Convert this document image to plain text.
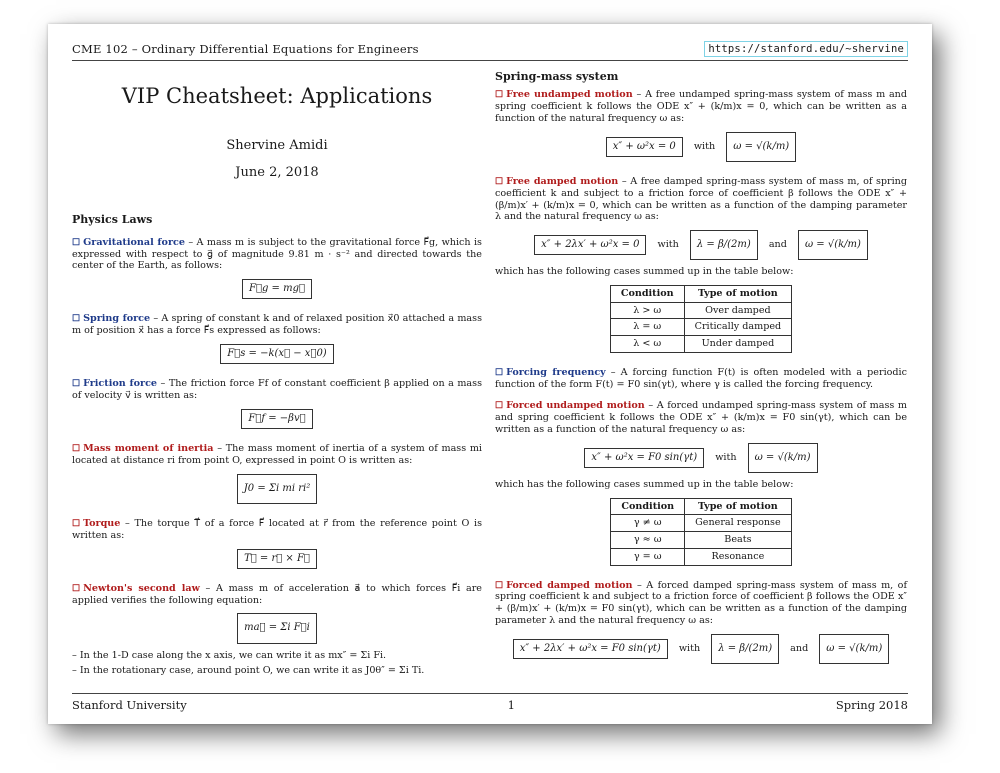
CME 102 – Ordinary Differential Equations for Engineers	https://stanford.edu/~shervine
VIP Cheatsheet: Applications
Shervine Amidi
June 2, 2018
Physics Laws

☐ Gravitational force – A mass m is subject to the gravitational force F⃗g, which is expressed with respect to g⃗ of magnitude 9.81 m · s⁻² and directed towards the center of the Earth, as follows:

F⃗g = mg⃗

☐ Spring force – A spring of constant k and of relaxed position x⃗0 attached a mass m of position x⃗ has a force F⃗s expressed as follows:

F⃗s = −k(x⃗ − x⃗0)

☐ Friction force – The friction force Ff of constant coefficient β applied on a mass of velocity v⃗ is written as:

F⃗f = −βv⃗

☐ Mass moment of inertia – The mass moment of inertia of a system of mass mi located at distance ri from point O, expressed in point O is written as:

J0 = Σi mi ri²

☐ Torque – The torque T⃗ of a force F⃗ located at r⃗ from the reference point O is written as:

T⃗ = r⃗ × F⃗

☐ Newton's second law – A mass m of acceleration a⃗ to which forces F⃗i are applied verifies the following equation:

ma⃗ = Σi F⃗i

– In the 1-D case along the x axis, we can write it as mx″ = Σi Fi.

– In the rotationary case, around point O, we can write it as J0θ″ = Σi Ti.

Spring-mass system

☐ Free undamped motion – A free undamped spring-mass system of mass m and spring coefficient k follows the ODE x″ + (k/m)x = 0, which can be written as a function of the natural frequency ω as:

x″ + ω²x = 0 with ω = √(k/m)

☐ Free damped motion – A free damped spring-mass system of mass m, of spring coefficient k and subject to a friction force of coefficient β follows the ODE x″ + (β/m)x′ + (k/m)x = 0, which can be written as a function of the damping parameter λ and the natural frequency ω as:

x″ + 2λx′ + ω²x = 0 with λ = β/(2m) and ω = √(k/m)

which has the following cases summed up in the table below:

Condition	Type of motion
λ > ω	Over damped
λ = ω	Critically damped
λ < ω	Under damped

☐ Forcing frequency – A forcing function F(t) is often modeled with a periodic function of the form F(t) = F0 sin(γt), where γ is called the forcing frequency.

☐ Forced undamped motion – A forced undamped spring-mass system of mass m and spring coefficient k follows the ODE x″ + (k/m)x = F0 sin(γt), which can be written as a function of the natural frequency ω as:

x″ + ω²x = F0 sin(γt) with ω = √(k/m)

which has the following cases summed up in the table below:

Condition	Type of motion
γ ≠ ω	General response
γ ≈ ω	Beats
γ = ω	Resonance

☐ Forced damped motion – A forced damped spring-mass system of mass m, of spring coefficient k and subject to a friction force of coefficient β follows the ODE x″ + (β/m)x′ + (k/m)x = F0 sin(γt), which can be written as a function of the damping parameter λ and the natural frequency ω as:

x″ + 2λx′ + ω²x = F0 sin(γt) with λ = β/(2m) and ω = √(k/m)
Stanford University	1	Spring 2018
